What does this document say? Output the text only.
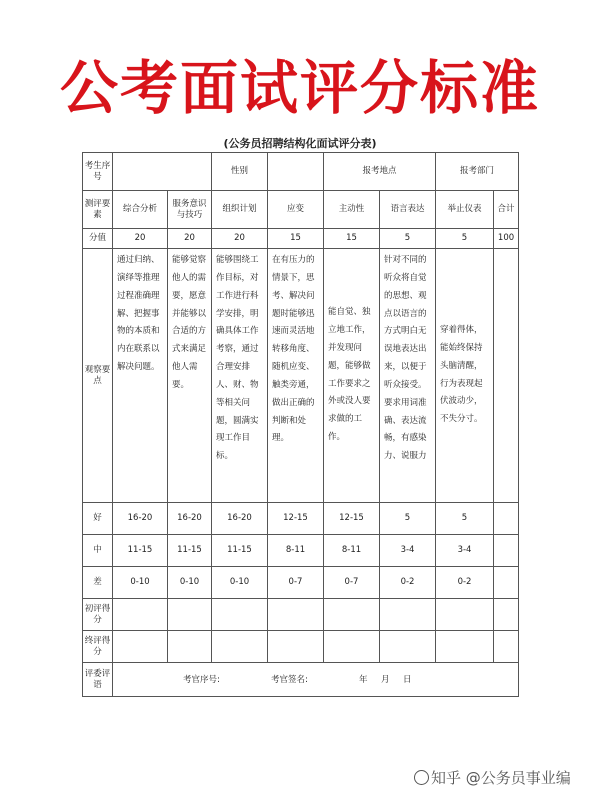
公考面试评分标准
(公务员招聘结构化面试评分表)
考生序号			性别		报考地点		报考部门	
测评要素	综合分析	服务意识与技巧	组织计划	应变	主动性	语言表达	举止仪表	合计
分值	20	20	20	15	15	5	5	100
观察要点	通过归纳、演绎等推理过程准确理解、把握事物的本质和内在联系以解决问题。	能够觉察他人的需要，愿意并能够以合适的方式来满足他人需要。	能够围绕工作目标，对工作进行科学安排，明确具体工作考察，通过合理安排人、财、物等相关问题，圆满实现工作目标。	在有压力的情景下，思考、解决问题时能够迅速而灵活地转移角度、随机应变、触类旁通，做出正确的判断和处理。	能自觉、独立地工作，并发现问题，能够做工作要求之外或没人要求做的工作。	针对不同的听众将自觉的思想、观点以语言的方式明白无误地表达出来，以便于听众接受。要求用词准确、表达流畅，有感染力、说服力	穿着得体，能始终保持头脑清醒，行为表现起伏波动少，不失分寸。	
好	16-20	16-20	16-20	12-15	12-15	5	5	
中	11-15	11-15	11-15	8-11	8-11	3-4	3-4	
差	0-10	0-10	0-10	0-7	0-7	0-2	0-2	
初评得分								
终评得分								
评委评语	考官序号: 考官签名: 年 月 日							
知乎 @公务员事业编
